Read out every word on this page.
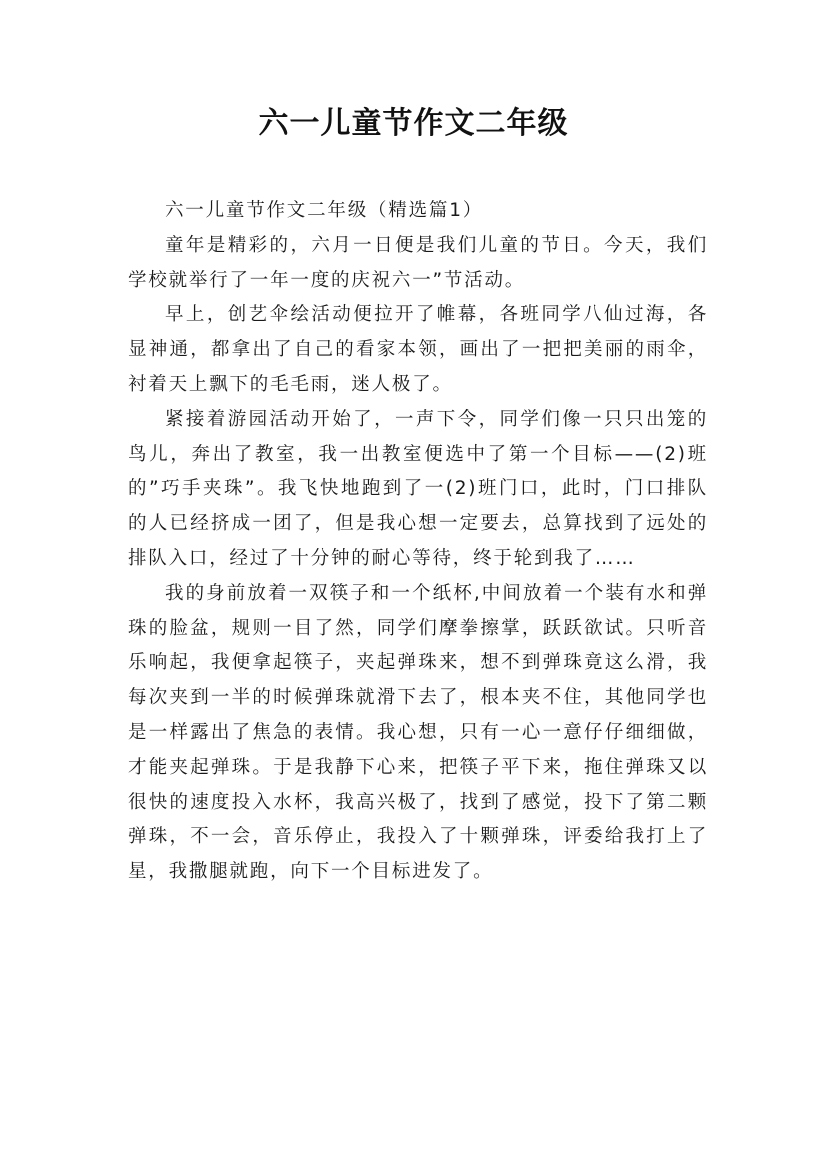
六一儿童节作文二年级

六一儿童节作文二年级（精选篇1）

童年是精彩的，六月一日便是我们儿童的节日。今天，我们学校就举行了一年一度的庆祝六一”节活动。

早上，创艺伞绘活动便拉开了帷幕，各班同学八仙过海，各显神通，都拿出了自己的看家本领，画出了一把把美丽的雨伞，衬着天上飘下的毛毛雨，迷人极了。

紧接着游园活动开始了，一声下令，同学们像一只只出笼的鸟儿，奔出了教室，我一出教室便选中了第一个目标——(2)班的”巧手夹珠”。我飞快地跑到了一(2)班门口，此时，门口排队的人已经挤成一团了，但是我心想一定要去，总算找到了远处的排队入口，经过了十分钟的耐心等待，终于轮到我了……

我的身前放着一双筷子和一个纸杯,中间放着一个装有水和弹珠的脸盆，规则一目了然，同学们摩拳擦掌，跃跃欲试。只听音乐响起，我便拿起筷子，夹起弹珠来，想不到弹珠竟这么滑，我每次夹到一半的时候弹珠就滑下去了，根本夹不住，其他同学也是一样露出了焦急的表情。我心想，只有一心一意仔仔细细做，才能夹起弹珠。于是我静下心来，把筷子平下来，拖住弹珠又以很快的速度投入水杯，我高兴极了，找到了感觉，投下了第二颗弹珠，不一会，音乐停止，我投入了十颗弹珠，评委给我打上了星，我撒腿就跑，向下一个目标进发了。
